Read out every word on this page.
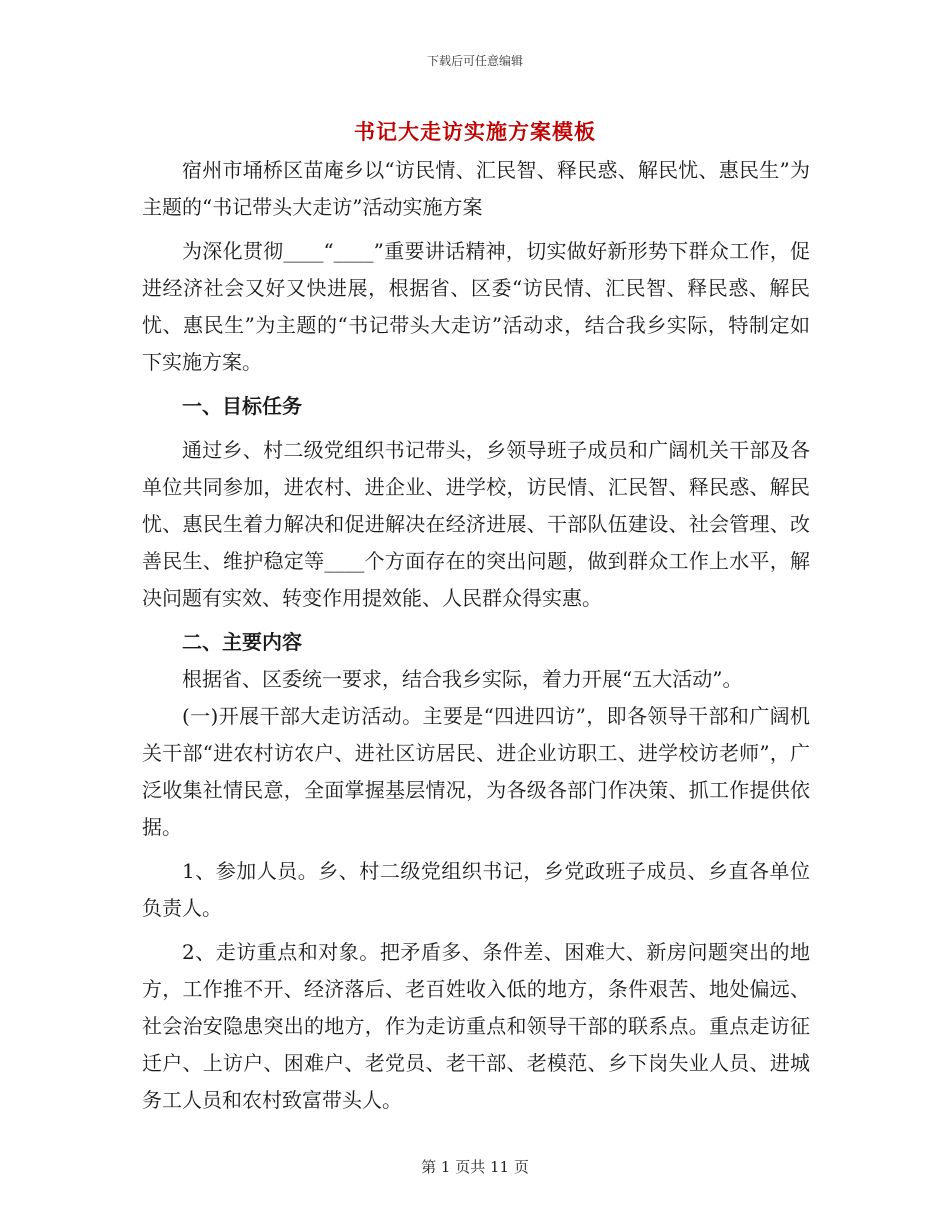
下载后可任意编辑
书记大走访实施方案模板

宿州市埇桥区苗庵乡以“访民情、汇民智、释民惑、解民忧、惠民生”为主题的“书记带头大走访”活动实施方案

为深化贯彻____“____”重要讲话精神，切实做好新形势下群众工作，促进经济社会又好又快进展，根据省、区委“访民情、汇民智、释民惑、解民忧、惠民生”为主题的“书记带头大走访”活动求，结合我乡实际，特制定如下实施方案。

一、目标任务

通过乡、村二级党组织书记带头，乡领导班子成员和广阔机关干部及各单位共同参加，进农村、进企业、进学校，访民情、汇民智、释民惑、解民忧、惠民生着力解决和促进解决在经济进展、干部队伍建设、社会管理、改善民生、维护稳定等____个方面存在的突出问题，做到群众工作上水平，解决问题有实效、转变作用提效能、人民群众得实惠。

二、主要内容

根据省、区委统一要求，结合我乡实际，着力开展“五大活动”。

(一)开展干部大走访活动。主要是“四进四访”，即各领导干部和广阔机关干部“进农村访农户、进社区访居民、进企业访职工、进学校访老师”，广泛收集社情民意，全面掌握基层情况，为各级各部门作决策、抓工作提供依据。

1、参加人员。乡、村二级党组织书记，乡党政班子成员、乡直各单位负责人。

2、走访重点和对象。把矛盾多、条件差、困难大、新房问题突出的地方，工作推不开、经济落后、老百姓收入低的地方，条件艰苦、地处偏远、社会治安隐患突出的地方，作为走访重点和领导干部的联系点。重点走访征迁户、上访户、困难户、老党员、老干部、老模范、乡下岗失业人员、进城务工人员和农村致富带头人。

第 1 页共 11 页
